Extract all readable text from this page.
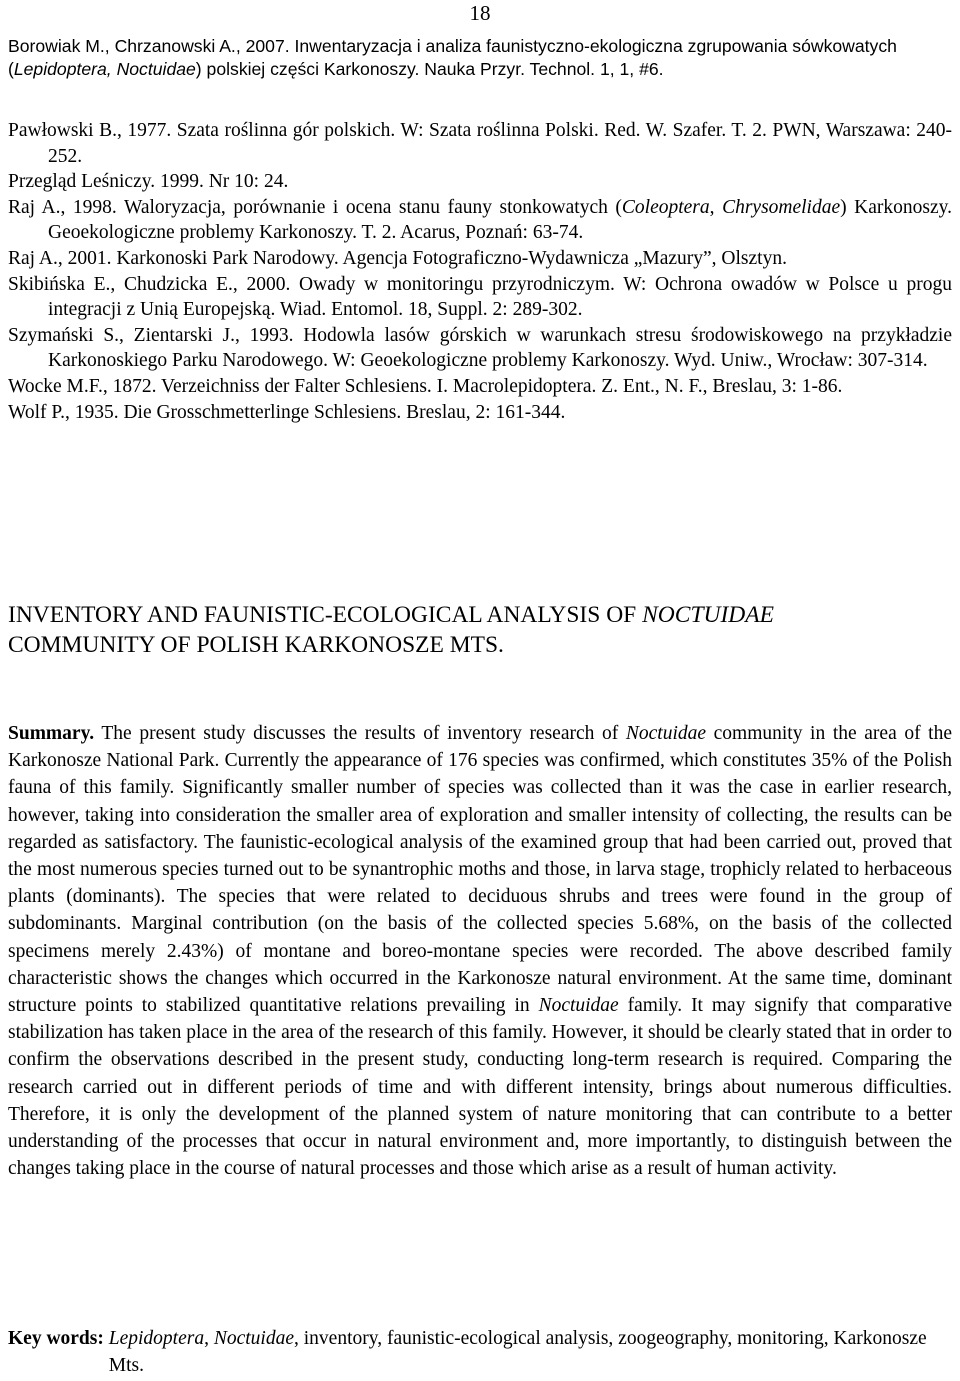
18
Borowiak M., Chrzanowski A., 2007. Inwentaryzacja i analiza faunistyczno-ekologiczna zgrupowania sówkowatych
(Lepidoptera, Noctuidae) polskiej części Karkonoszy. Nauka Przyr. Technol. 1, 1, #6.
Pawłowski B., 1977. Szata roślinna gór polskich. W: Szata roślinna Polski. Red. W. Szafer. T. 2. PWN, Warszawa: 240-252.
Przegląd Leśniczy. 1999. Nr 10: 24.
Raj A., 1998. Waloryzacja, porównanie i ocena stanu fauny stonkowatych (Coleoptera, Chrysomelidae) Karkonoszy. Geoekologiczne problemy Karkonoszy. T. 2. Acarus, Poznań: 63-74.
Raj A., 2001. Karkonoski Park Narodowy. Agencja Fotograficzno-Wydawnicza „Mazury”, Olsztyn.
Skibińska E., Chudzicka E., 2000. Owady w monitoringu przyrodniczym. W: Ochrona owadów w Polsce u progu integracji z Unią Europejską. Wiad. Entomol. 18, Suppl. 2: 289-302.
Szymański S., Zientarski J., 1993. Hodowla lasów górskich w warunkach stresu środowiskowego na przykładzie Karkonoskiego Parku Narodowego. W: Geoekologiczne problemy Karkonoszy. Wyd. Uniw., Wrocław: 307-314.
Wocke M.F., 1872. Verzeichniss der Falter Schlesiens. I. Macrolepidoptera. Z. Ent., N. F., Breslau, 3: 1-86.
Wolf P., 1935. Die Grosschmetterlinge Schlesiens. Breslau, 2: 161-344.
INVENTORY AND FAUNISTIC-ECOLOGICAL ANALYSIS OF NOCTUIDAE
COMMUNITY OF POLISH KARKONOSZE MTS.
Summary. The present study discusses the results of inventory research of Noctuidae community in the area of the Karkonosze National Park. Currently the appearance of 176 species was confirmed, which constitutes 35% of the Polish fauna of this family. Significantly smaller number of species was collected than it was the case in earlier research, however, taking into consideration the smaller area of exploration and smaller intensity of collecting, the results can be regarded as satisfactory. The faunistic-ecological analysis of the examined group that had been carried out, proved that the most numerous species turned out to be synantrophic moths and those, in larva stage, trophicly related to herbaceous plants (dominants). The species that were related to deciduous shrubs and trees were found in the group of subdominants. Marginal contribution (on the basis of the collected species 5.68%, on the basis of the collected specimens merely 2.43%) of montane and boreo-montane species were recorded. The above described family characteristic shows the changes which occurred in the Karkonosze natural environment. At the same time, dominant structure points to stabilized quantitative relations prevailing in Noctuidae family. It may signify that comparative stabilization has taken place in the area of the research of this family. However, it should be clearly stated that in order to confirm the observations described in the present study, conducting long-term research is required. Comparing the research carried out in different periods of time and with different intensity, brings about numerous difficulties. Therefore, it is only the development of the planned system of nature monitoring that can contribute to a better understanding of the processes that occur in natural environment and, more importantly, to distinguish between the changes taking place in the course of natural processes and those which arise as a result of human activity.
Key words: Lepidoptera, Noctuidae, inventory, faunistic-ecological analysis, zoogeography, monitoring, Karkonosze Mts.
